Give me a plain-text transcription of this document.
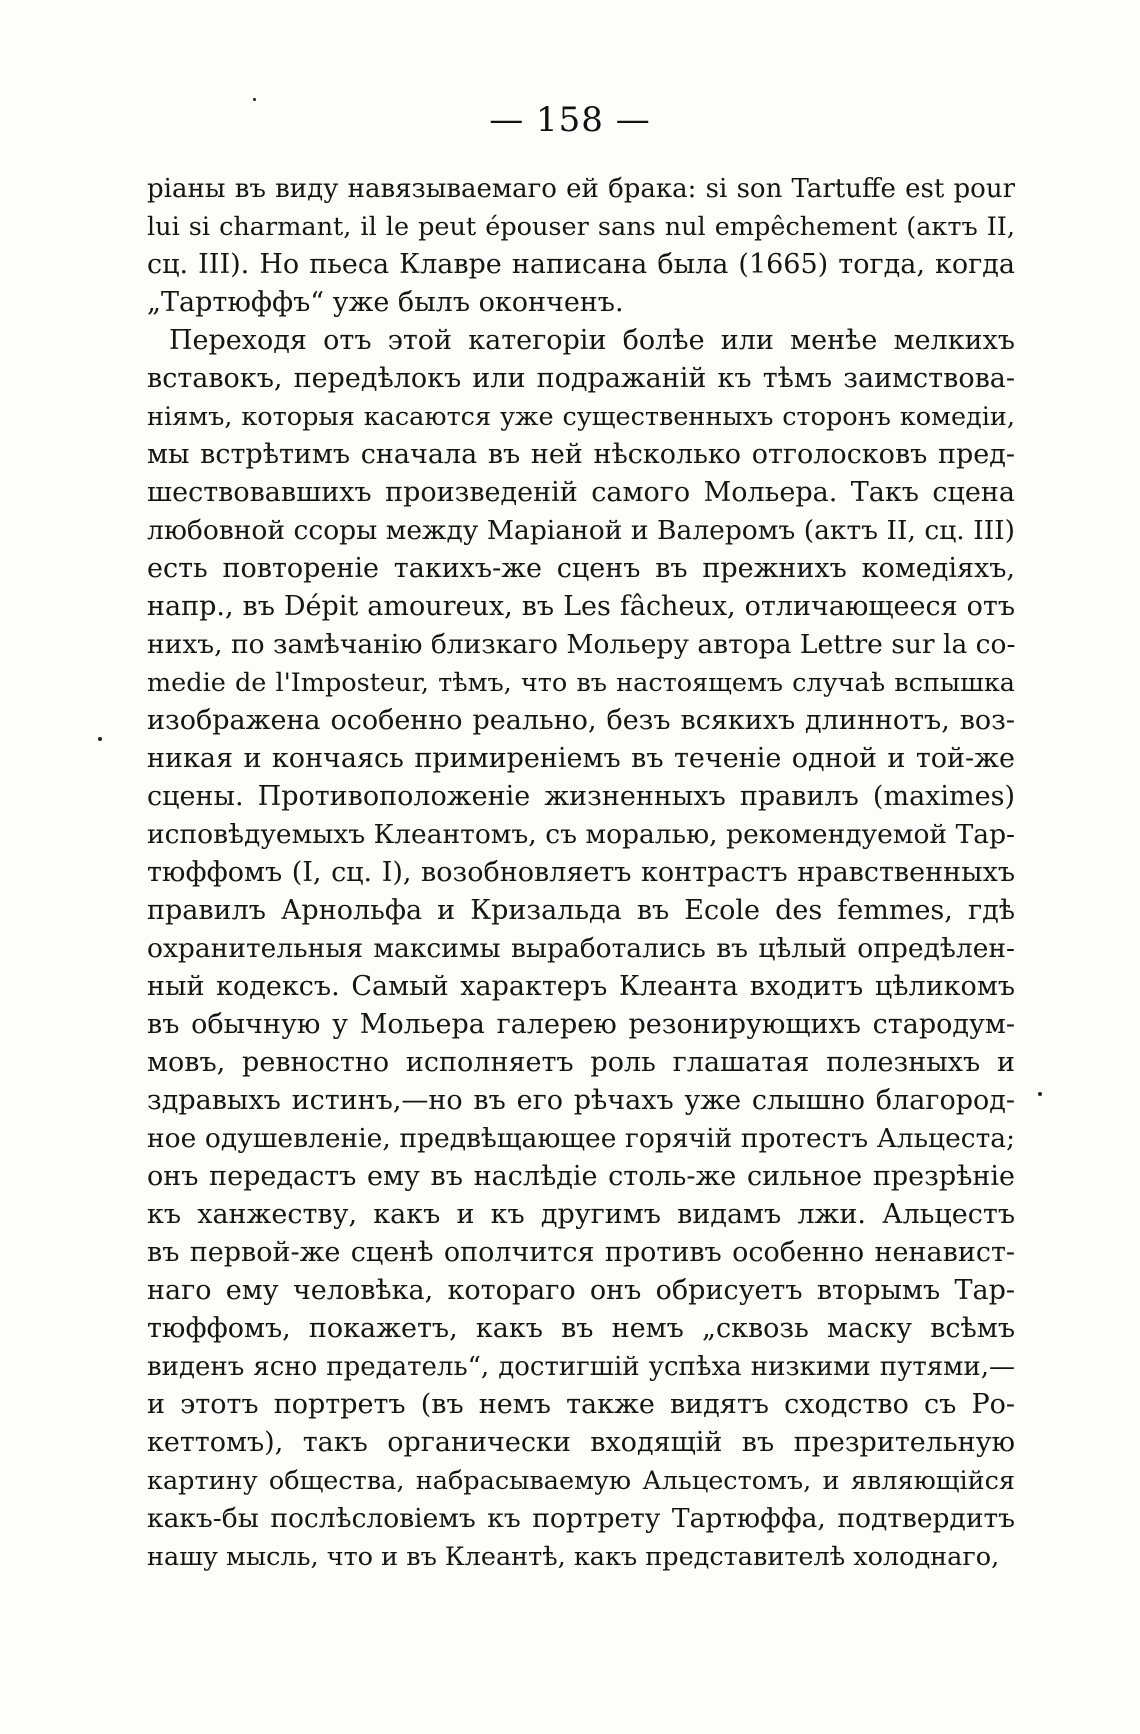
— 158 —
ріаны въ виду навязываемаго ей брака: si son Tartuffe est pour
lui si charmant, il le peut épouser sans nul empêchement (актъ II,
сц. III). Но пьеса Клавре написана была (1665) тогда, когда
„Тартюффъ“ уже былъ оконченъ.
Переходя отъ этой категоріи болѣе или менѣе мелкихъ
вставокъ, передѣлокъ или подражаній къ тѣмъ заимствова-
ніямъ, которыя касаются уже существенныхъ сторонъ комедіи,
мы встрѣтимъ сначала въ ней нѣсколько отголосковъ пред-
шествовавшихъ произведеній самого Мольера. Такъ сцена
любовной ссоры между Маріаной и Валеромъ (актъ II, сц. III)
есть повтореніе такихъ-же сценъ въ прежнихъ комедіяхъ,
напр., въ Dépit amoureux, въ Les fâcheux, отличающееся отъ
нихъ, по замѣчанію близкаго Мольеру автора Lettre sur la co-
medie de l'Imposteur, тѣмъ, что въ настоящемъ случаѣ вспышка
изображена особенно реально, безъ всякихъ длиннотъ, воз-
никая и кончаясь примиреніемъ въ теченіе одной и той-же
сцены. Противоположеніе жизненныхъ правилъ (maximes)
исповѣдуемыхъ Клеантомъ, съ моралью, рекомендуемой Тар-
тюффомъ (I, сц. I), возобновляетъ контрастъ нравственныхъ
правилъ Арнольфа и Кризальда въ Ecole des femmes, гдѣ
охранительныя максимы выработались въ цѣлый опредѣлен-
ный кодексъ. Самый характеръ Клеанта входитъ цѣликомъ
въ обычную у Мольера галерею резонирующихъ стародум-
мовъ, ревностно исполняетъ роль глашатая полезныхъ и
здравыхъ истинъ,—но въ его рѣчахъ уже слышно благород-
ное одушевленіе, предвѣщающее горячій протестъ Альцеста;
онъ передастъ ему въ наслѣдіе столь-же сильное презрѣніе
къ ханжеству, какъ и къ другимъ видамъ лжи. Альцестъ
въ первой-же сценѣ ополчится противъ особенно ненавист-
наго ему человѣка, котораго онъ обрисуетъ вторымъ Тар-
тюффомъ, покажетъ, какъ въ немъ „сквозь маску всѣмъ
виденъ ясно предатель“, достигшій успѣха низкими путями,—
и этотъ портретъ (въ немъ также видятъ сходство съ Ро-
кеттомъ), такъ органически входящій въ презрительную
картину общества, набрасываемую Альцестомъ, и являющійся
какъ-бы послѣсловіемъ къ портрету Тартюффа, подтвердитъ
нашу мысль, что и въ Клеантѣ, какъ представителѣ холоднаго,
